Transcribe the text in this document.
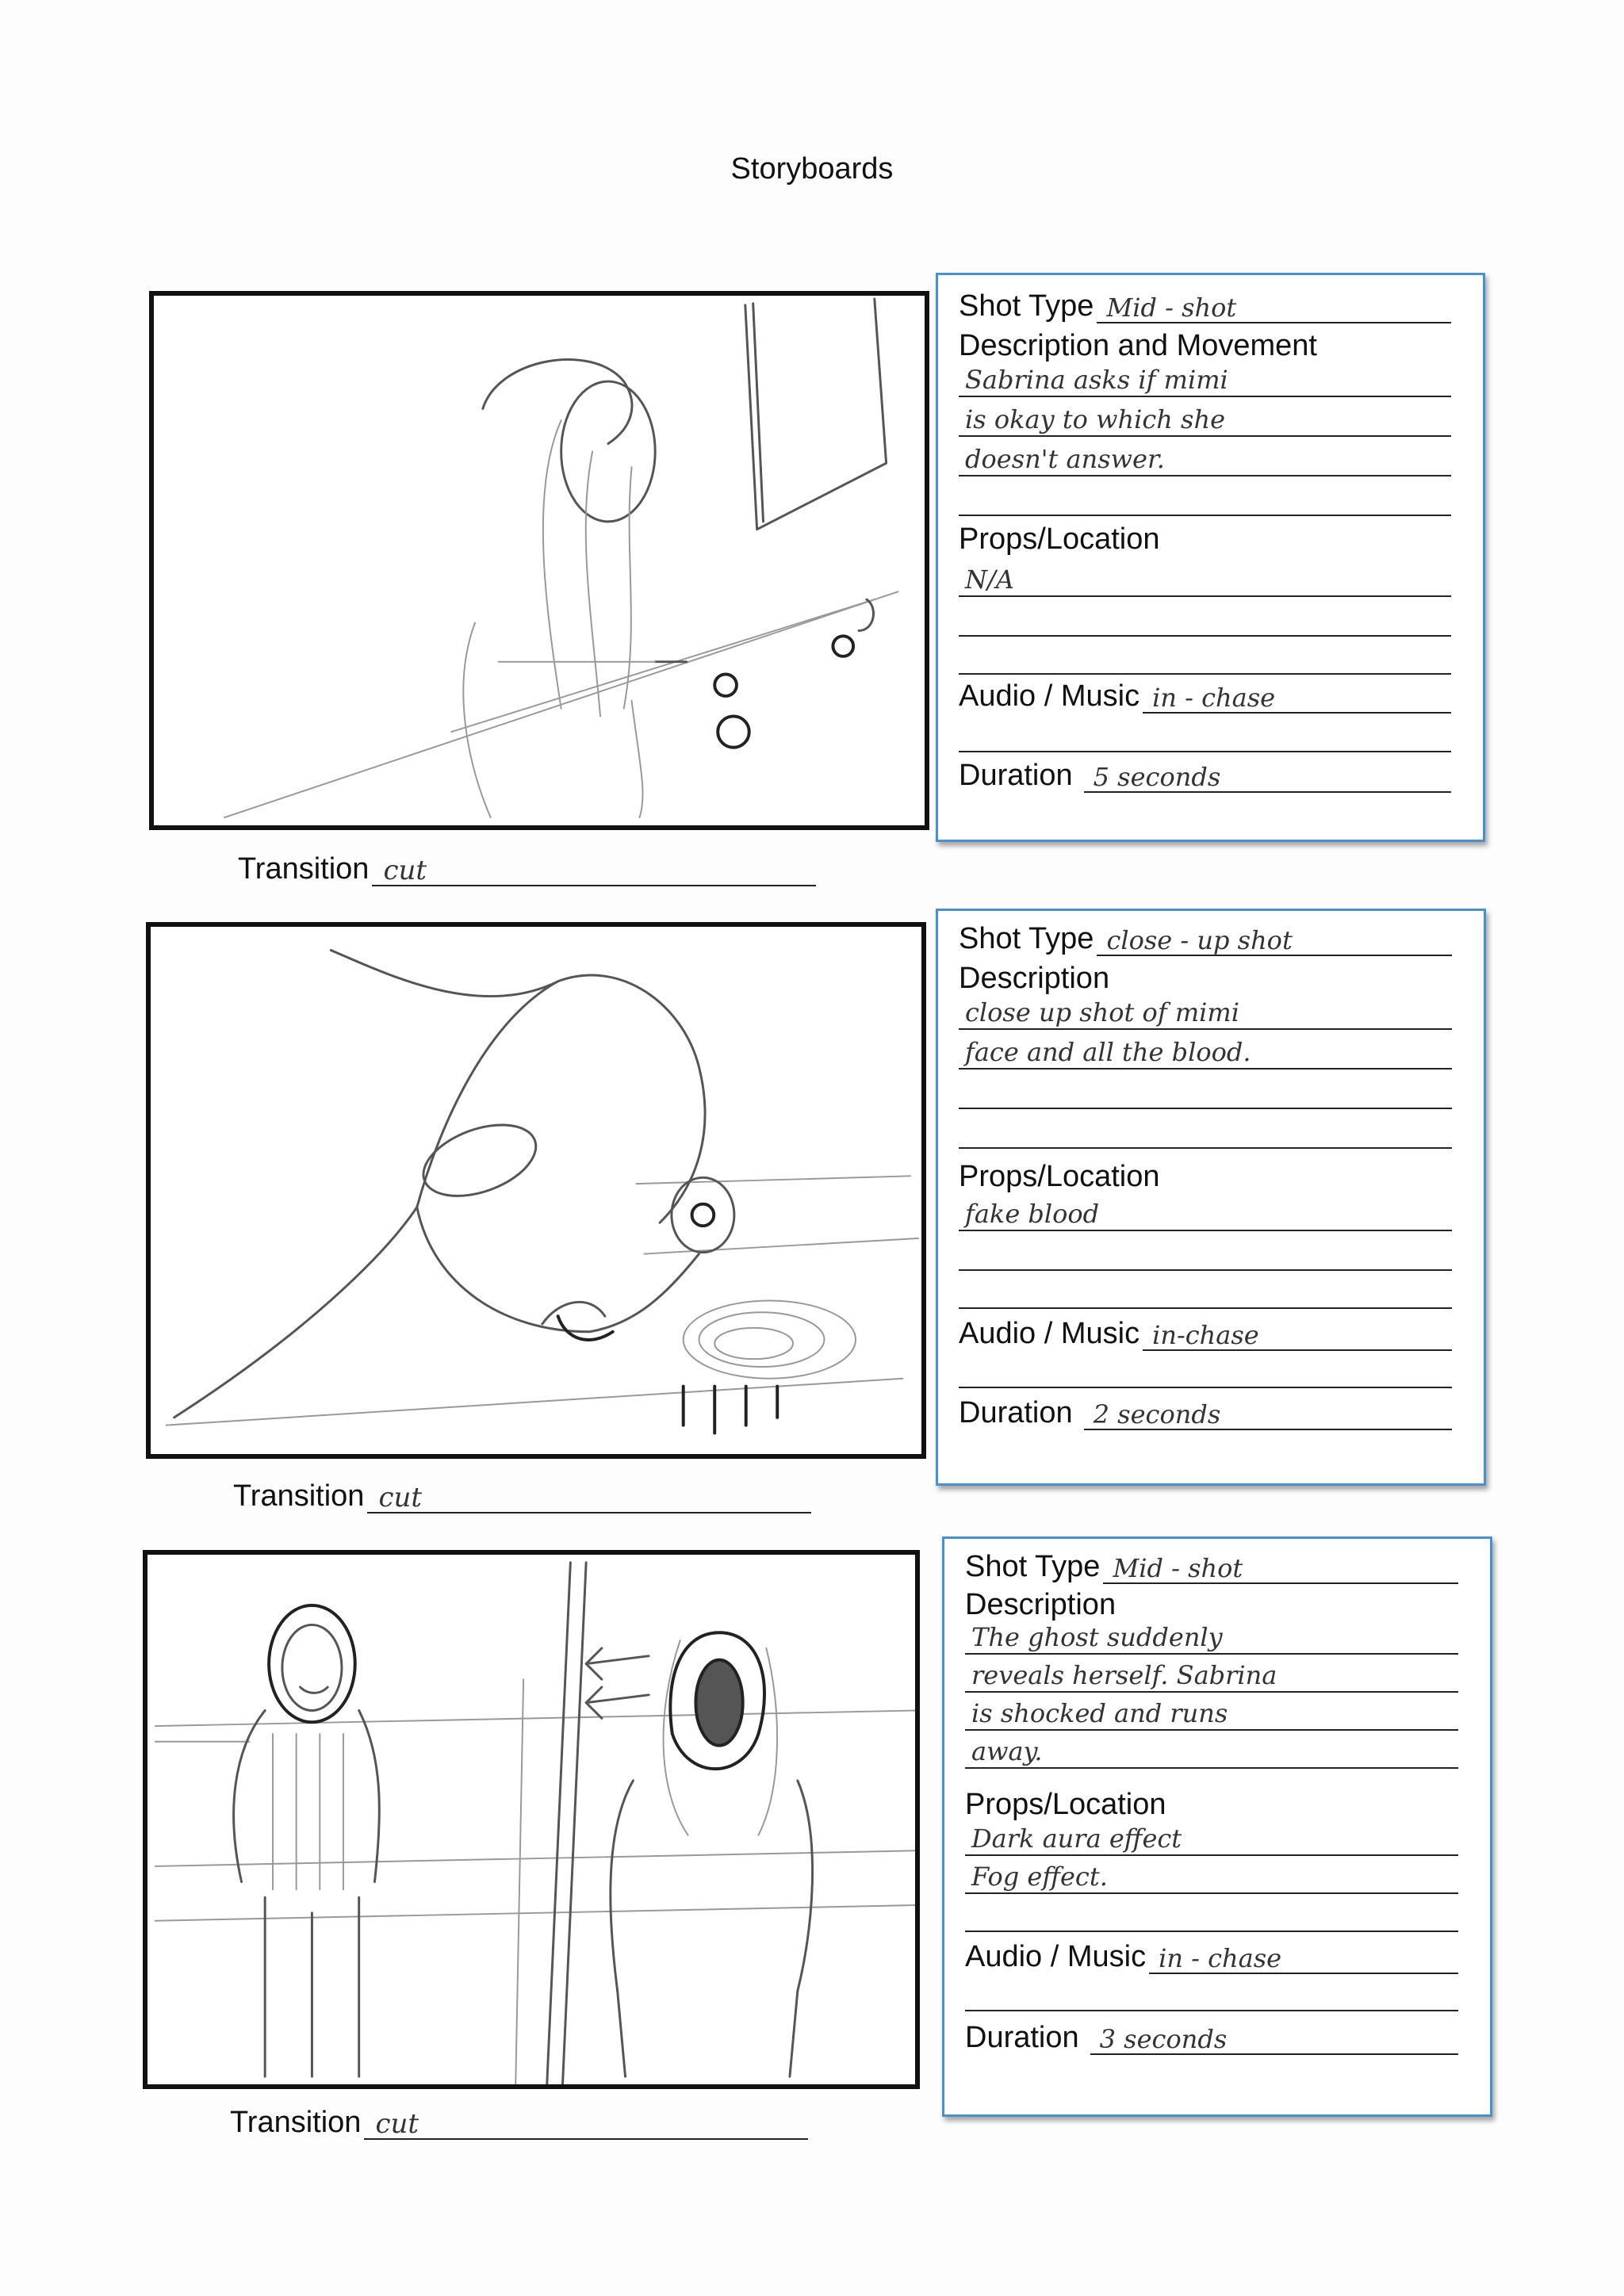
Storyboards
Transition cut
Shot Type Mid - shot
Description and Movement
Sabrina asks if mimi
is okay to which she
doesn't answer.
Props/Location
N/A
Audio / Music in - chase
Duration 5 seconds
Transition cut
Shot Type close - up shot
Description
close up shot of mimi
face and all the blood.
Props/Location
fake blood
Audio / Music in-chase
Duration 2 seconds
Transition cut
Shot Type Mid - shot
Description
The ghost suddenly
reveals herself. Sabrina
is shocked and runs
away.
Props/Location
Dark aura effect
Fog effect.
Audio / Music in - chase
Duration 3 seconds
